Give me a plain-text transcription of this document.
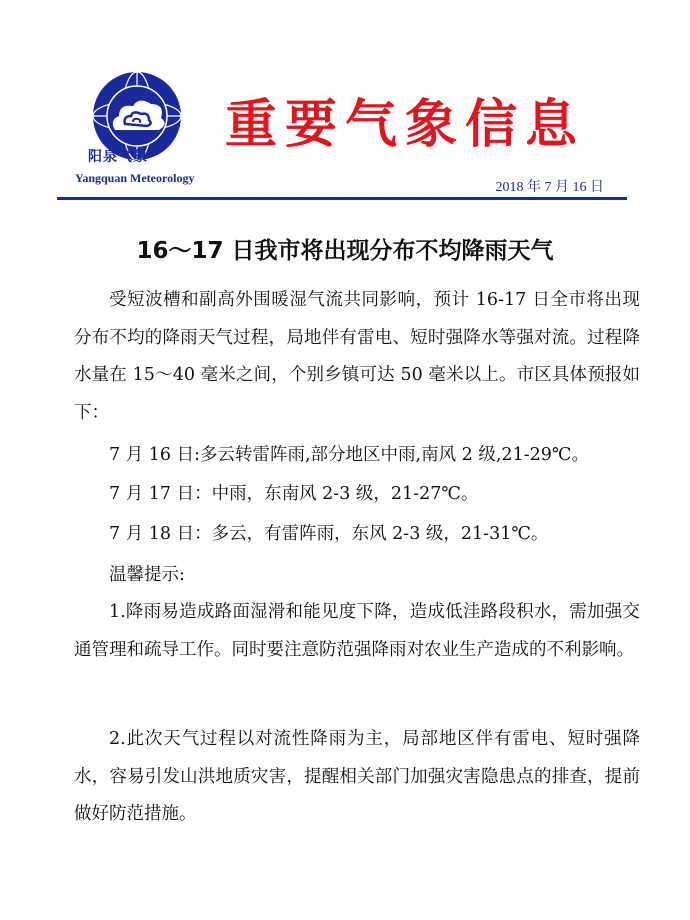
阳泉气象
Yangquan Meteorology
重要气象信息
2018 年 7 月 16 日
16～17 日我市将出现分布不均降雨天气

受短波槽和副高外围暖湿气流共同影响，预计 16-17 日全市将出现分布不均的降雨天气过程，局地伴有雷电、短时强降水等强对流。过程降水量在 15～40 毫米之间，个别乡镇可达 50 毫米以上。市区具体预报如下：

7 月 16 日:多云转雷阵雨,部分地区中雨,南风 2 级,21-29℃。
7 月 17 日：中雨，东南风 2-3 级，21-27℃。
7 月 18 日：多云，有雷阵雨，东风 2-3 级，21-31℃。
温馨提示:

1.降雨易造成路面湿滑和能见度下降，造成低洼路段积水，需加强交通管理和疏导工作。同时要注意防范强降雨对农业生产造成的不利影响。

2.此次天气过程以对流性降雨为主，局部地区伴有雷电、短时强降水，容易引发山洪地质灾害，提醒相关部门加强灾害隐患点的排查，提前做好防范措施。
